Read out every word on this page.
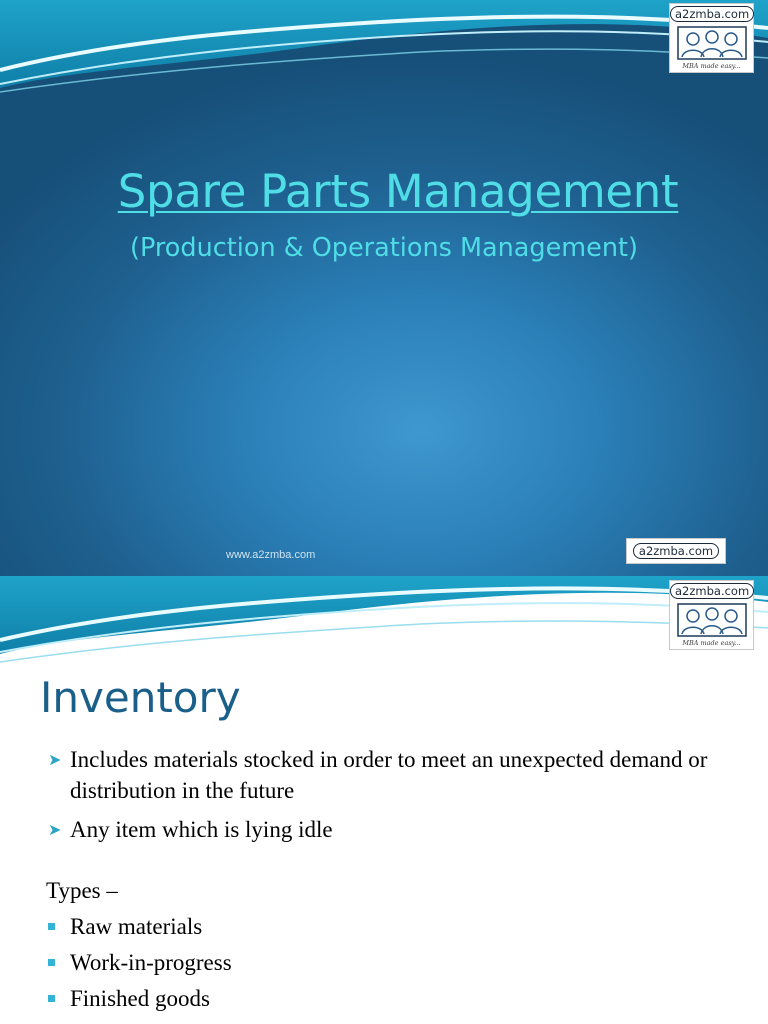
a2zmba.com
MBA made easy...
Spare Parts Management
(Production & Operations Management)
www.a2zmba.com	a2zmba.com
a2zmba.com
MBA made easy...
Inventory
➤ Includes materials stocked in order to meet an unexpected demand or distribution in the future
➤ Any item which is lying idle
Types –
Raw materials
Work-in-progress
Finished goods
